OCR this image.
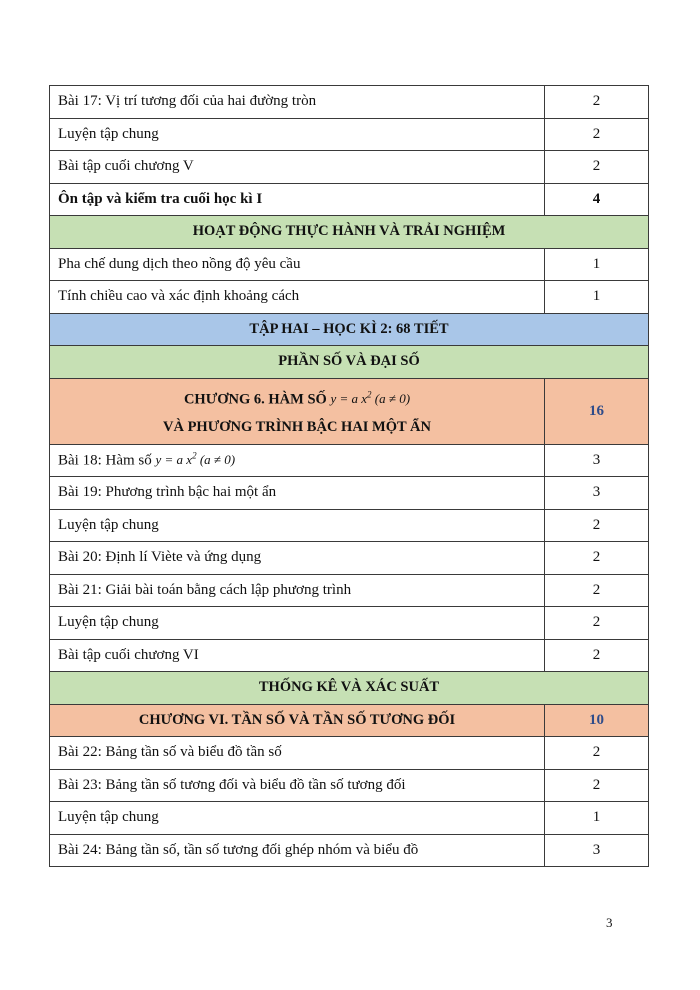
Bài 17: Vị trí tương đối của hai đường tròn	2
Luyện tập chung	2
Bài tập cuối chương V	2
Ôn tập và kiểm tra cuối học kì I	4
HOẠT ĐỘNG THỰC HÀNH VÀ TRẢI NGHIỆM	
Pha chế dung dịch theo nồng độ yêu cầu	1
Tính chiều cao và xác định khoảng cách	1
TẬP HAI – HỌC KÌ 2: 68 TIẾT	
PHẦN SỐ VÀ ĐẠI SỐ	

CHƯƠNG 6. HÀM SỐ y = a $x^2$ (a ≠ 0)
VÀ PHƯƠNG TRÌNH BẬC HAI MỘT ẨN	16
Bài 18: Hàm số y = a $x^2$ (a ≠ 0)	3
Bài 19: Phương trình bậc hai một ẩn	3
Luyện tập chung	2
Bài 20: Định lí Viète và ứng dụng	2
Bài 21: Giải bài toán bằng cách lập phương trình	2
Luyện tập chung	2
Bài tập cuối chương VI	2
THỐNG KÊ VÀ XÁC SUẤT	
CHƯƠNG VI. TẦN SỐ VÀ TẦN SỐ TƯƠNG ĐỐI	10
Bài 22: Bảng tần số và biểu đồ tần số	2
Bài 23: Bảng tần số tương đối và biểu đồ tần số tương đối	2
Luyện tập chung	1
Bài 24: Bảng tần số, tần số tương đối ghép nhóm và biểu đồ	3
3
